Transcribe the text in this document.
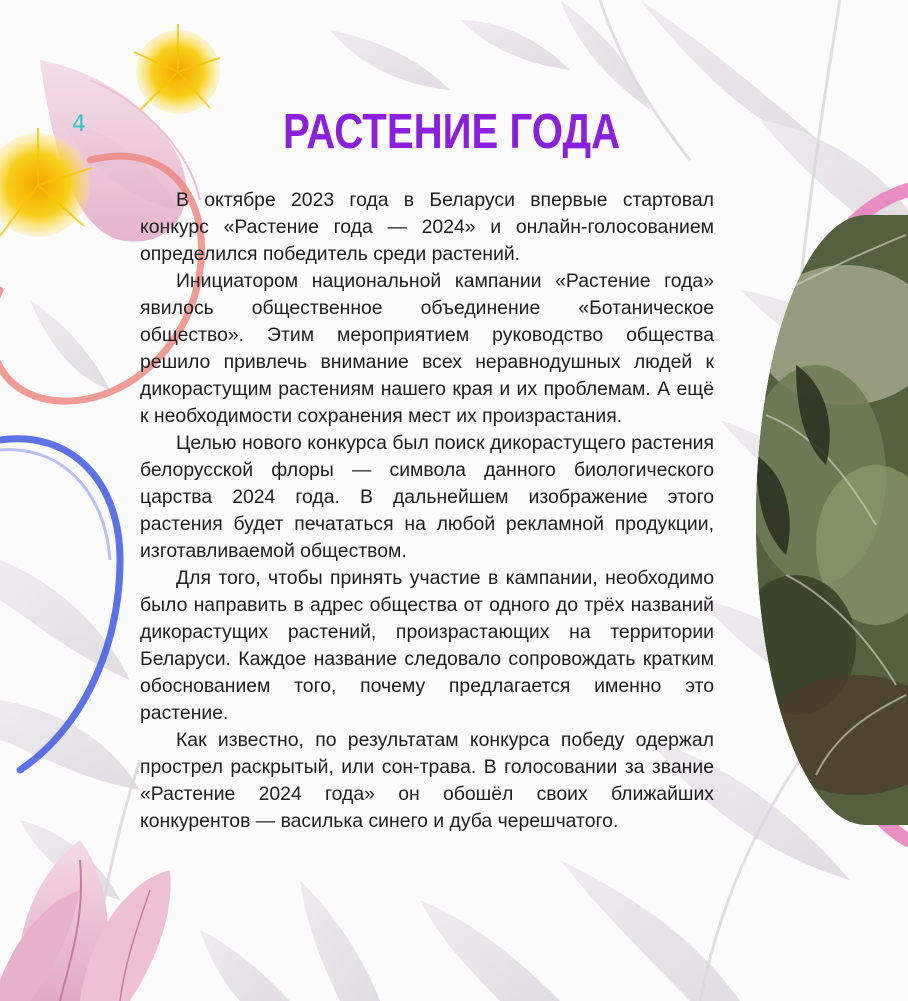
4	РАСТЕНИЕ ГОДА

В октябре 2023 года в Беларуси впервые стартовал конкурс «Растение года — 2024» и онлайн-голосованием определился победитель среди растений.

Инициатором национальной кампании «Растение года» явилось общественное объединение «Ботаническое общество». Этим мероприятием руководство общества решило привлечь внимание всех неравнодушных людей к дикорастущим растениям нашего края и их проблемам. А ещё к необходимости сохранения мест их произрастания.

Целью нового конкурса был поиск дикорастущего растения белорусской флоры — символа данного биологического царства 2024 года. В дальнейшем изображение этого растения будет печататься на любой рекламной продукции, изготавливаемой обществом.

Для того, чтобы принять участие в кампании, необходимо было направить в адрес общества от одного до трёх названий дикорастущих растений, произрастающих на территории Беларуси. Каждое название следовало сопровождать кратким обоснованием того, почему предлагается именно это растение.

Как известно, по результатам конкурса победу одержал прострел раскрытый, или сон-трава. В голосовании за звание «Растение 2024 года» он обошёл своих ближайших конкурентов — василька синего и дуба черешчатого.
